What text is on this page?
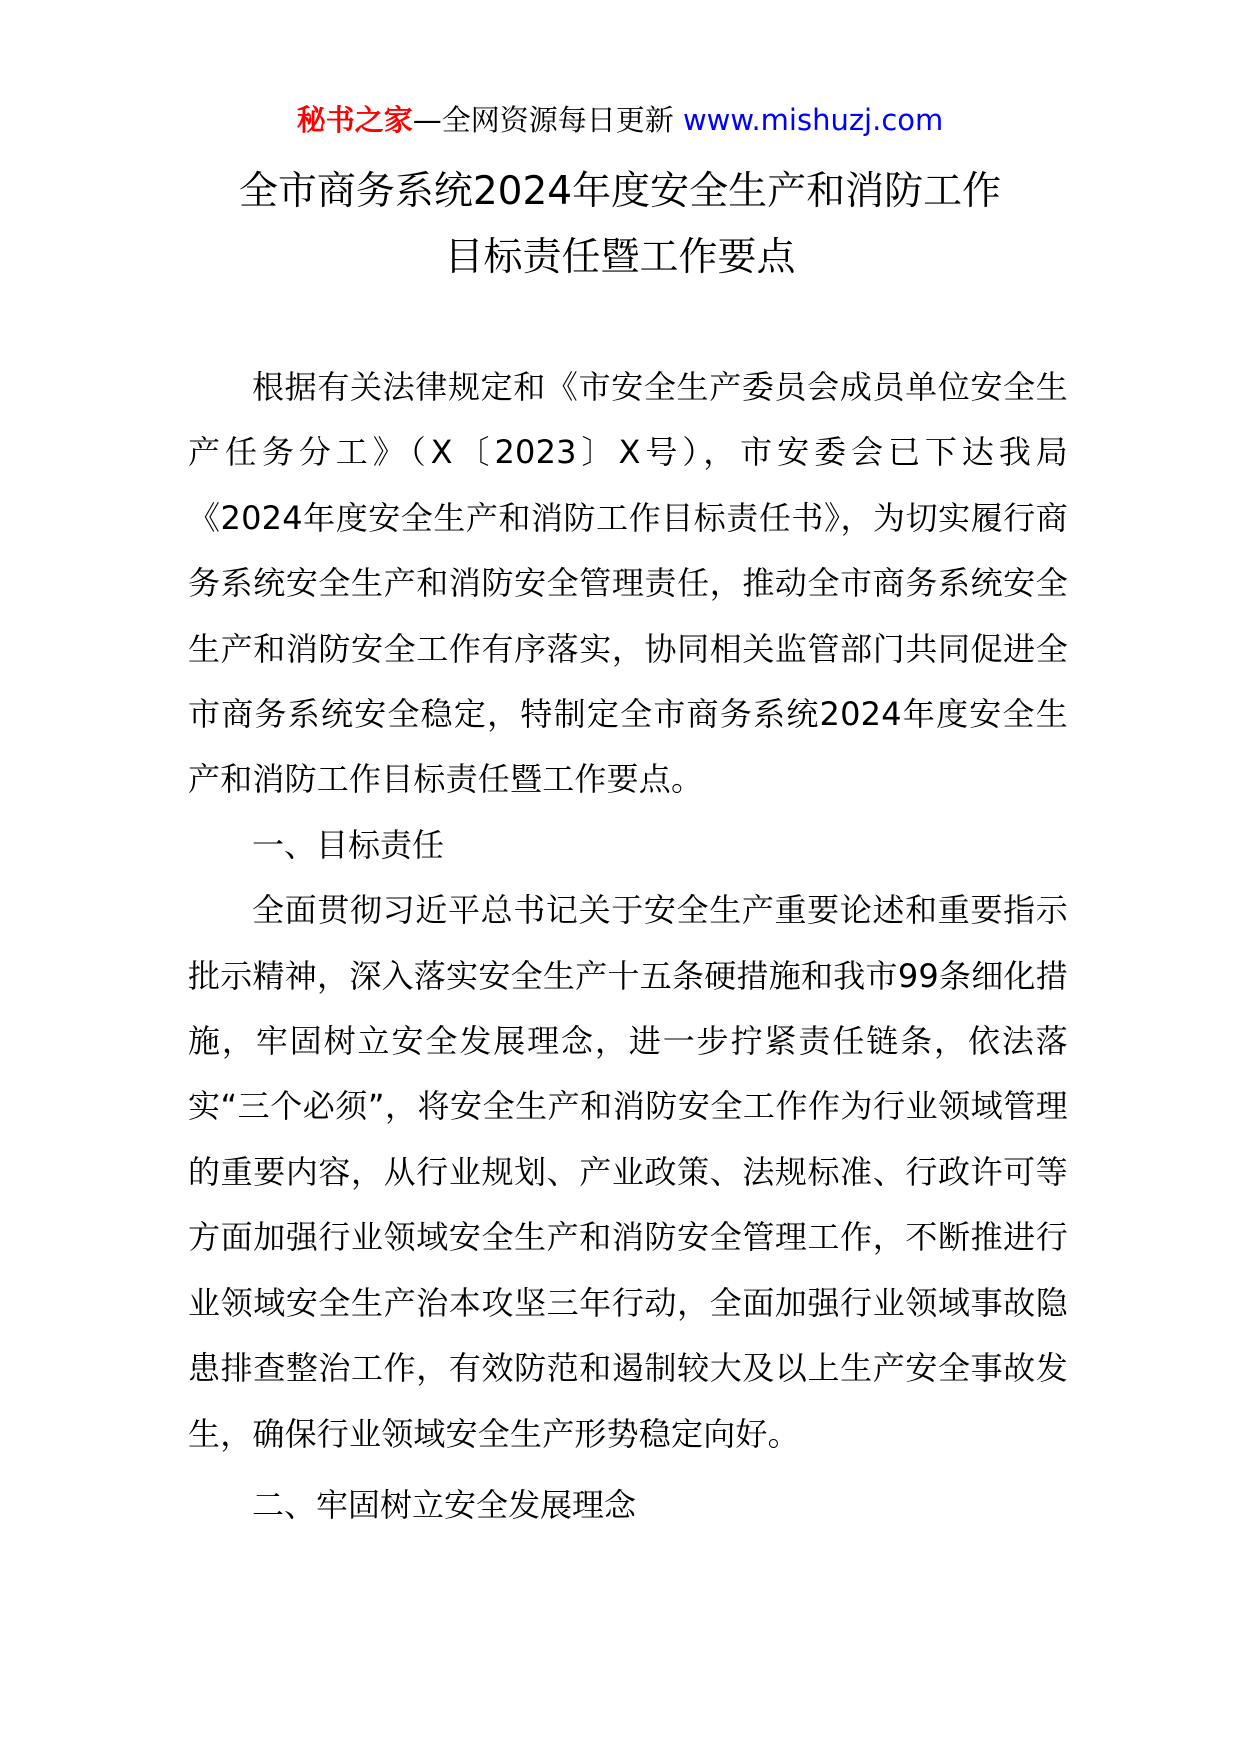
秘书之家—全网资源每日更新 www.mishuzj.com
全市商务系统2024年度安全生产和消防工作
目标责任暨工作要点

根据有关法律规定和《市安全生产委员会成员单位安全生产任务分工》（X〔2023〕X号），市安委会已下达我局《2024年度安全生产和消防工作目标责任书》，为切实履行商务系统安全生产和消防安全管理责任，推动全市商务系统安全生产和消防安全工作有序落实，协同相关监管部门共同促进全市商务系统安全稳定，特制定全市商务系统2024年度安全生产和消防工作目标责任暨工作要点。

一、目标责任

全面贯彻习近平总书记关于安全生产重要论述和重要指示批示精神，深入落实安全生产十五条硬措施和我市99条细化措施，牢固树立安全发展理念，进一步拧紧责任链条，依法落实“三个必须”，将安全生产和消防安全工作作为行业领域管理的重要内容，从行业规划、产业政策、法规标准、行政许可等方面加强行业领域安全生产和消防安全管理工作，不断推进行业领域安全生产治本攻坚三年行动，全面加强行业领域事故隐患排查整治工作，有效防范和遏制较大及以上生产安全事故发生，确保行业领域安全生产形势稳定向好。

二、牢固树立安全发展理念
